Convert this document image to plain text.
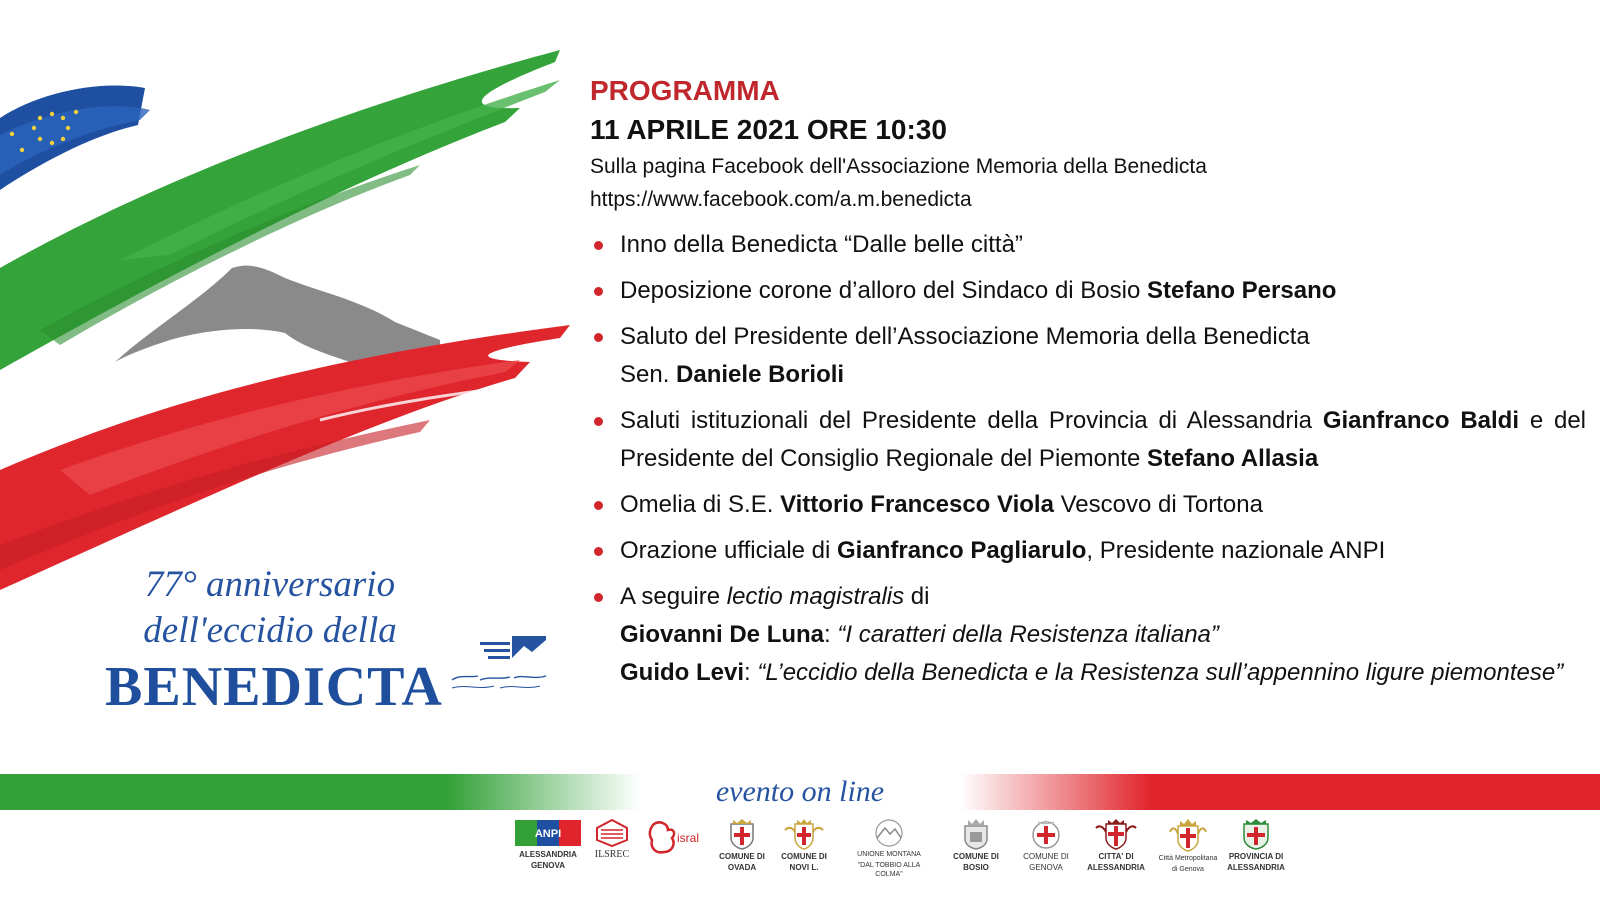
77° anniversario
dell'eccidio della
BENEDICTA
PROGRAMMA
11 APRILE 2021 ORE 10:30
Sulla pagina Facebook dell'Associazione Memoria della Benedicta
https://www.facebook.com/a.m.benedicta
Inno della Benedicta “Dalle belle città”
Deposizione corone d’alloro del Sindaco di Bosio Stefano Persano
Saluto del Presidente dell’Associazione Memoria della Benedicta
Sen. Daniele Borioli
Saluti istituzionali del Presidente della Provincia di Alessandria Gianfranco Baldi e del Presidente del Consiglio Regionale del Piemonte Stefano Allasia
Omelia di S.E. Vittorio Francesco Viola Vescovo di Tortona
Orazione ufficiale di Gianfranco Pagliarulo, Presidente nazionale ANPI
A seguire lectio magistralis di
Giovanni De Luna: “I caratteri della Resistenza italiana”
Guido Levi: “L’eccidio della Benedicta e la Resistenza sull’appennino ligure piemontese”
evento on line
ANPI
ALESSANDRIA
GENOVA
ILSREC
isral
COMUNE DI
OVADA
COMUNE DI
NOVI L.
UNIONE MONTANA
"DAL TOBBIO ALLA COLMA"
COMUNE DI
BOSIO
COMUNE DI
GENOVA
CITTA' DI
ALESSANDRIA
Città Metropolitana
di Genova
PROVINCIA DI
ALESSANDRIA
